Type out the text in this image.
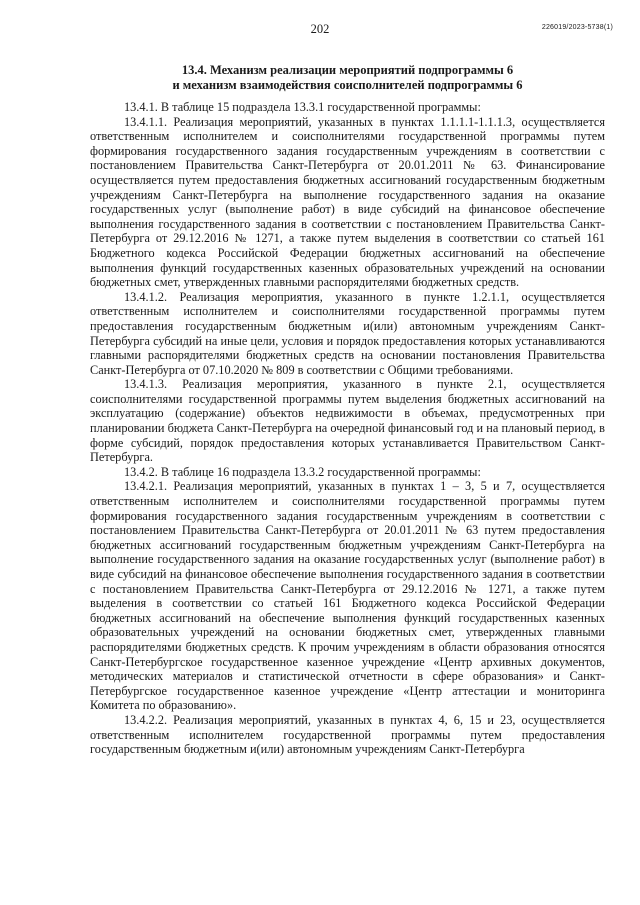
202	226019/2023-5738(1)
13.4. Механизм реализации мероприятий подпрограммы 6
и механизм взаимодействия соисполнителей подпрограммы 6

13.4.1. В таблице 15 подраздела 13.3.1 государственной программы:

13.4.1.1. Реализация мероприятий, указанных в пунктах 1.1.1.1-1.1.1.3, осуществляется ответственным исполнителем и соисполнителями государственной программы путем формирования государственного задания государственным учреждениям в соответствии с постановлением Правительства Санкт-Петербурга от 20.01.2011 № 63. Финансирование осуществляется путем предоставления бюджетных ассигнований государственным бюджетным учреждениям Санкт-Петербурга на выполнение государственного задания на оказание государственных услуг (выполнение работ) в виде субсидий на финансовое обеспечение выполнения государственного задания в соответствии с постановлением Правительства Санкт-Петербурга от 29.12.2016 № 1271, а также путем выделения в соответствии со статьей 161 Бюджетного кодекса Российской Федерации бюджетных ассигнований на обеспечение выполнения функций государственных казенных образовательных учреждений на основании бюджетных смет, утвержденных главными распорядителями бюджетных средств.

13.4.1.2. Реализация мероприятия, указанного в пункте 1.2.1.1, осуществляется ответственным исполнителем и соисполнителями государственной программы путем предоставления государственным бюджетным и(или) автономным учреждениям Санкт-Петербурга субсидий на иные цели, условия и порядок предоставления которых устанавливаются главными распорядителями бюджетных средств на основании постановления Правительства Санкт-Петербурга от 07.10.2020 № 809 в соответствии с Общими требованиями.

13.4.1.3. Реализация мероприятия, указанного в пункте 2.1, осуществляется соисполнителями государственной программы путем выделения бюджетных ассигнований на эксплуатацию (содержание) объектов недвижимости в объемах, предусмотренных при планировании бюджета Санкт-Петербурга на очередной финансовый год и на плановый период, в форме субсидий, порядок предоставления которых устанавливается Правительством Санкт-Петербурга.

13.4.2. В таблице 16 подраздела 13.3.2 государственной программы:

13.4.2.1. Реализация мероприятий, указанных в пунктах 1 – 3, 5 и 7, осуществляется ответственным исполнителем и соисполнителями государственной программы путем формирования государственного задания государственным учреждениям в соответствии с постановлением Правительства Санкт-Петербурга от 20.01.2011 № 63 путем предоставления бюджетных ассигнований государственным бюджетным учреждениям Санкт-Петербурга на выполнение государственного задания на оказание государственных услуг (выполнение работ) в виде субсидий на финансовое обеспечение выполнения государственного задания в соответствии с постановлением Правительства Санкт-Петербурга от 29.12.2016 № 1271, а также путем выделения в соответствии со статьей 161 Бюджетного кодекса Российской Федерации бюджетных ассигнований на обеспечение выполнения функций государственных казенных образовательных учреждений на основании бюджетных смет, утвержденных главными распорядителями бюджетных средств. К прочим учреждениям в области образования относятся Санкт-Петербургское государственное казенное учреждение «Центр архивных документов, методических материалов и статистической отчетности в сфере образования» и Санкт-Петербургское государственное казенное учреждение «Центр аттестации и мониторинга Комитета по образованию».

13.4.2.2. Реализация мероприятий, указанных в пунктах 4, 6, 15 и 23, осуществляется ответственным исполнителем государственной программы путем предоставления государственным бюджетным и(или) автономным учреждениям Санкт-Петербурга
